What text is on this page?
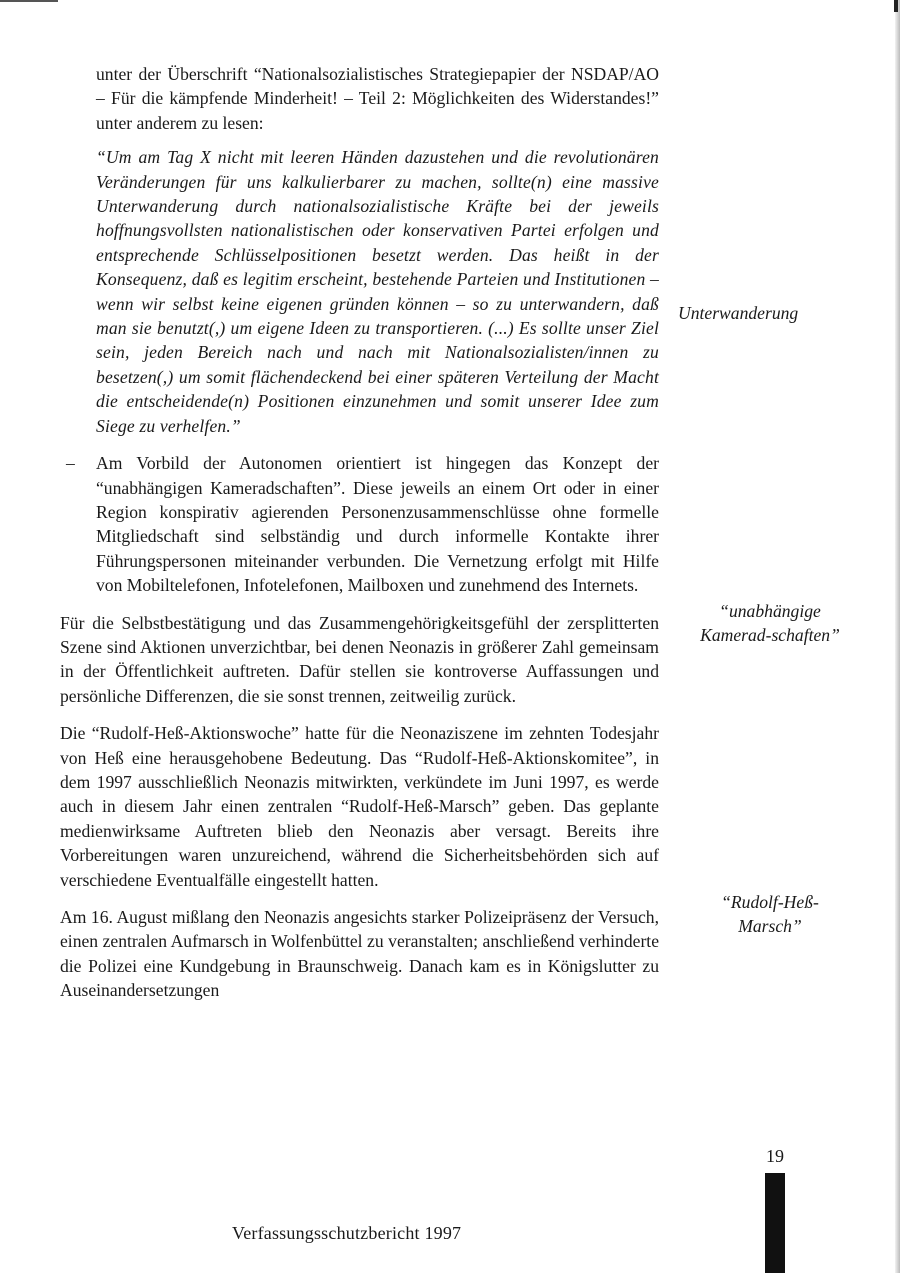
unter der Überschrift “Nationalsozialistisches Strategiepapier der NSDAP/AO – Für die kämpfende Minderheit! – Teil 2: Möglichkeiten des Widerstandes!” unter anderem zu lesen:

“Um am Tag X nicht mit leeren Händen dazustehen und die revolutionären Veränderungen für uns kalkulierbarer zu machen, sollte(n) eine massive Unterwanderung durch nationalsozialistische Kräfte bei der jeweils hoffnungsvollsten nationalistischen oder konservativen Partei erfolgen und entsprechende Schlüsselpositionen besetzt werden. Das heißt in der Konsequenz, daß es legitim erscheint, bestehende Parteien und Institutionen – wenn wir selbst keine eigenen gründen können – so zu unterwandern, daß man sie benutzt(,) um eigene Ideen zu transportieren. (...) Es sollte unser Ziel sein, jeden Bereich nach und nach mit Nationalsozialisten/innen zu besetzen(,) um somit flächendeckend bei einer späteren Verteilung der Macht die entscheidende(n) Positionen einzunehmen und somit unserer Idee zum Siege zu verhelfen.”

– Am Vorbild der Autonomen orientiert ist hingegen das Konzept der “unabhängigen Kameradschaften”. Diese jeweils an einem Ort oder in einer Region konspirativ agierenden Personenzusammenschlüsse ohne formelle Mitgliedschaft sind selbständig und durch informelle Kontakte ihrer Führungspersonen miteinander verbunden. Die Vernetzung erfolgt mit Hilfe von Mobiltelefonen, Infotelefonen, Mailboxen und zunehmend des Internets.

Für die Selbstbestätigung und das Zusammengehörigkeitsgefühl der zersplitterten Szene sind Aktionen unverzichtbar, bei denen Neonazis in größerer Zahl gemeinsam in der Öffentlichkeit auftreten. Dafür stellen sie kontroverse Auffassungen und persönliche Differenzen, die sie sonst trennen, zeitweilig zurück.

Die “Rudolf-Heß-Aktionswoche” hatte für die Neonaziszene im zehnten Todesjahr von Heß eine herausgehobene Bedeutung. Das “Rudolf-Heß-Aktionskomitee”, in dem 1997 ausschließlich Neonazis mitwirkten, verkündete im Juni 1997, es werde auch in diesem Jahr einen zentralen “Rudolf-Heß-Marsch” geben. Das geplante medienwirksame Auftreten blieb den Neonazis aber versagt. Bereits ihre Vorbereitungen waren unzureichend, während die Sicherheitsbehörden sich auf verschiedene Eventualfälle eingestellt hatten.

Am 16. August mißlang den Neonazis angesichts starker Polizeipräsenz der Versuch, einen zentralen Aufmarsch in Wolfenbüttel zu veranstalten; anschließend verhinderte die Polizei eine Kundgebung in Braunschweig. Danach kam es in Königslutter zu Auseinandersetzungen

Unterwanderung
“unabhängige Kamerad-schaften”
“Rudolf-Heß-Marsch”
19
Verfassungsschutzbericht 1997
